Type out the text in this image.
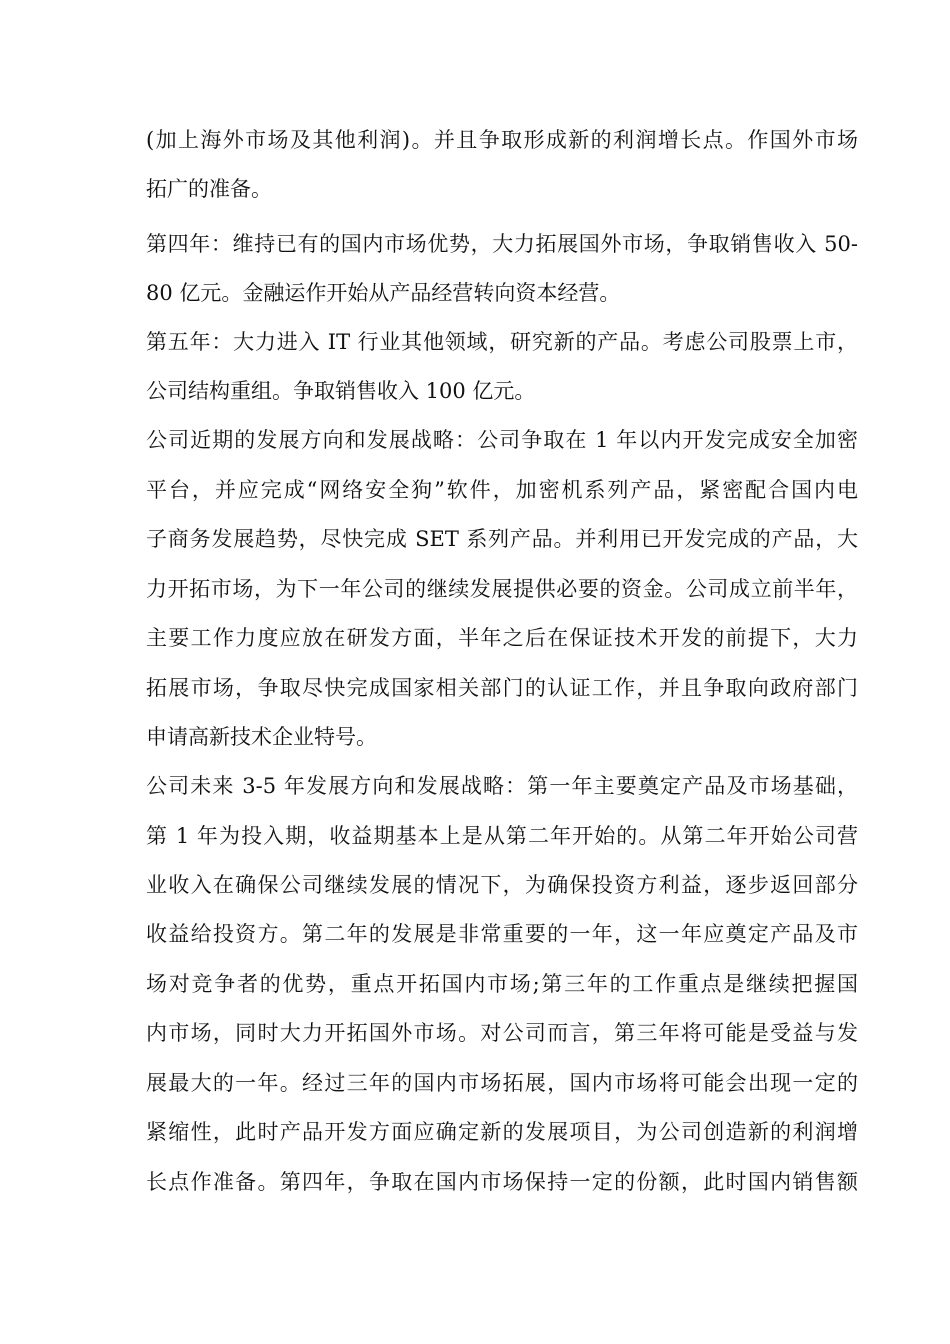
(加上海外市场及其他利润)。并且争取形成新的利润增长点。作国外市场
拓广的准备。
第四年：维持已有的国内市场优势，大力拓展国外市场，争取销售收入 50-
80 亿元。金融运作开始从产品经营转向资本经营。
第五年：大力进入 IT 行业其他领域，研究新的产品。考虑公司股票上市，
公司结构重组。争取销售收入 100 亿元。
公司近期的发展方向和发展战略：公司争取在 1 年以内开发完成安全加密
平台，并应完成“网络安全狗”软件，加密机系列产品，紧密配合国内电
子商务发展趋势，尽快完成 SET 系列产品。并利用已开发完成的产品，大
力开拓市场，为下一年公司的继续发展提供必要的资金。公司成立前半年，
主要工作力度应放在研发方面，半年之后在保证技术开发的前提下，大力
拓展市场，争取尽快完成国家相关部门的认证工作，并且争取向政府部门
申请高新技术企业特号。
公司未来 3-5 年发展方向和发展战略：第一年主要奠定产品及市场基础，
第 1 年为投入期，收益期基本上是从第二年开始的。从第二年开始公司营
业收入在确保公司继续发展的情况下，为确保投资方利益，逐步返回部分
收益给投资方。第二年的发展是非常重要的一年，这一年应奠定产品及市
场对竞争者的优势，重点开拓国内市场;第三年的工作重点是继续把握国
内市场，同时大力开拓国外市场。对公司而言，第三年将可能是受益与发
展最大的一年。经过三年的国内市场拓展，国内市场将可能会出现一定的
紧缩性，此时产品开发方面应确定新的发展项目，为公司创造新的利润增
长点作准备。第四年，争取在国内市场保持一定的份额，此时国内销售额
